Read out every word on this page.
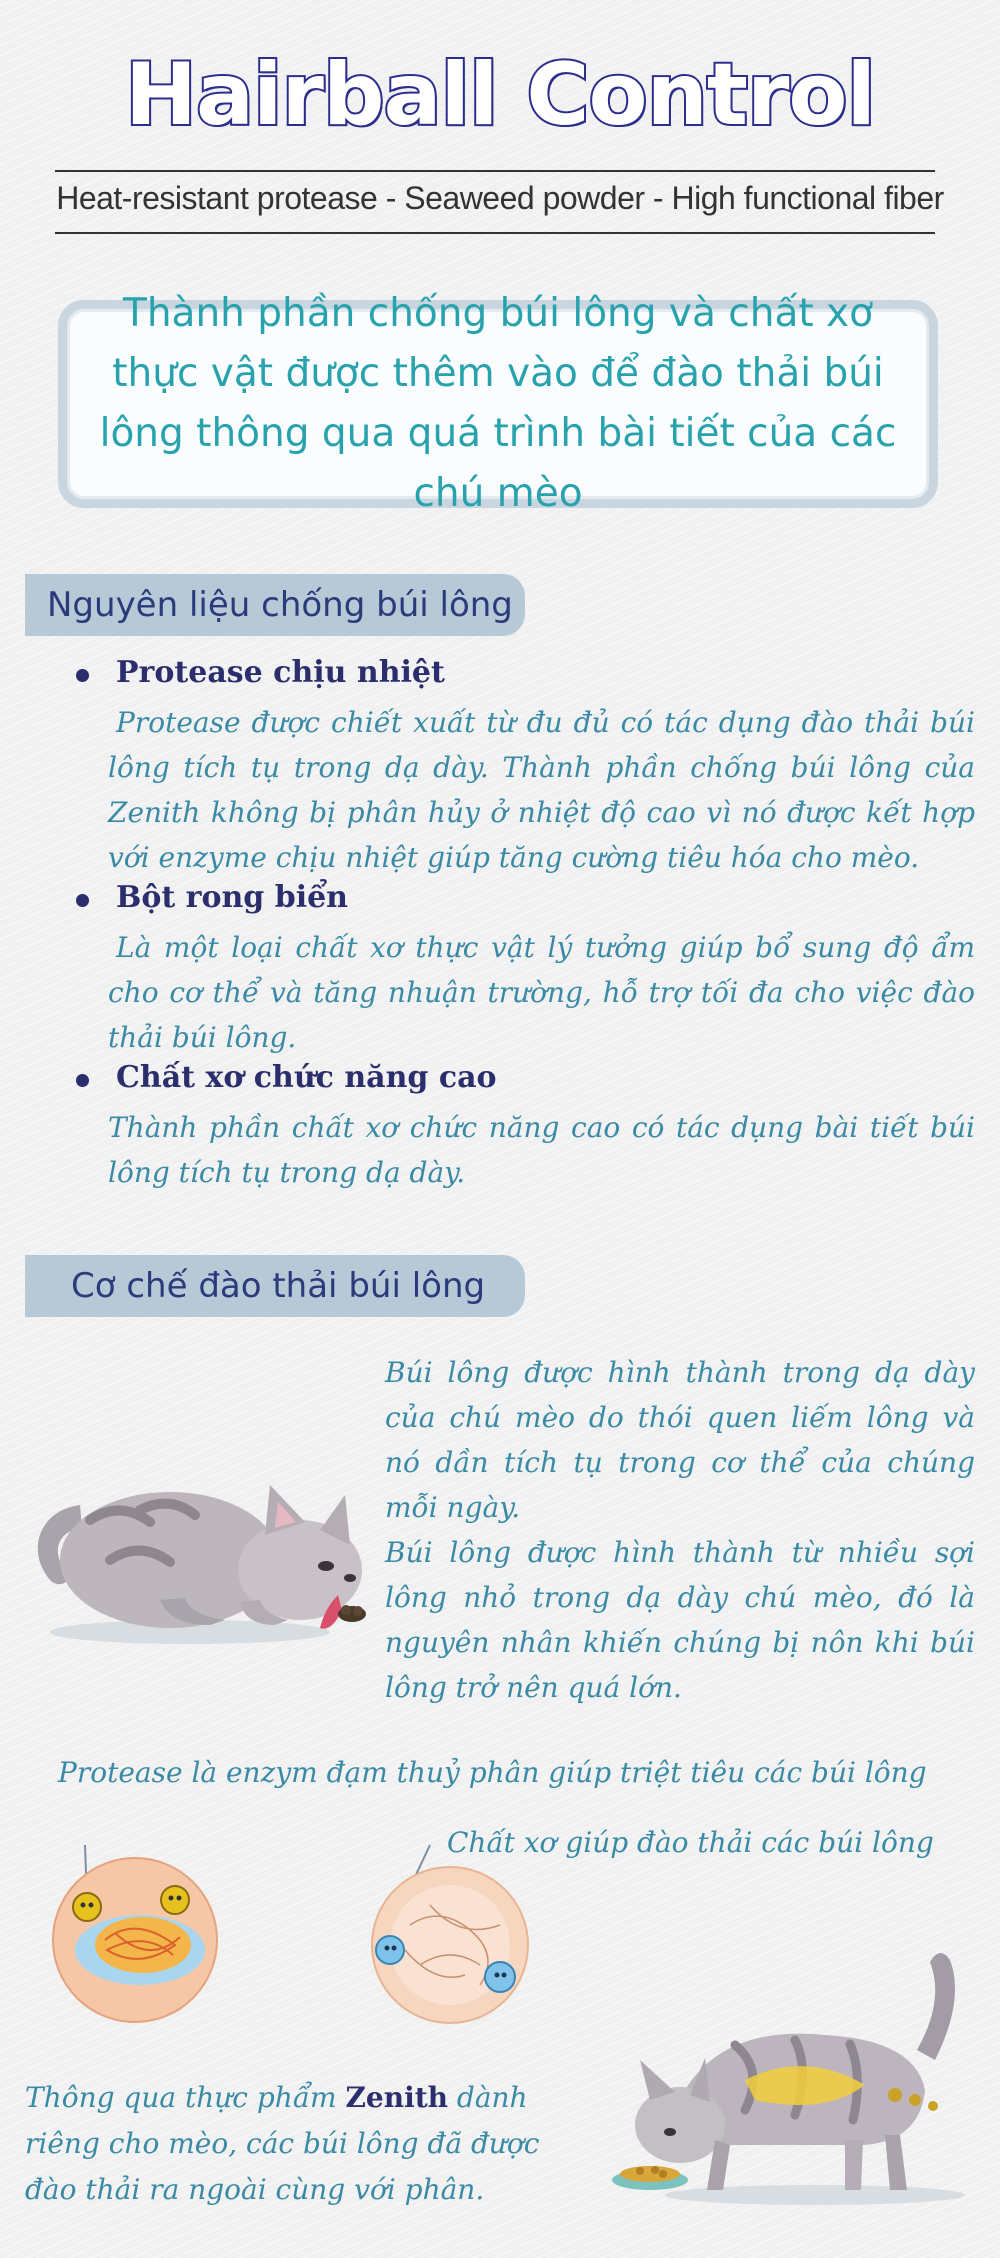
Hairball Control
Heat-resistant protease - Seaweed powder - High functional fiber
Thành phần chống búi lông và chất xơ thực vật được thêm vào để đào thải búi lông thông qua quá trình bài tiết của các chú mèo
Nguyên liệu chống búi lông
Protease chịu nhiệt
Protease được chiết xuất từ đu đủ có tác dụng đào thải búi lông tích tụ trong dạ dày. Thành phần chống búi lông của Zenith không bị phân hủy ở nhiệt độ cao vì nó được kết hợp với enzyme chịu nhiệt giúp tăng cường tiêu hóa cho mèo.
Bột rong biển
Là một loại chất xơ thực vật lý tưởng giúp bổ sung độ ẩm cho cơ thể và tăng nhuận trường, hỗ trợ tối đa cho việc đào thải búi lông.
Chất xơ chức năng cao
Thành phần chất xơ chức năng cao có tác dụng bài tiết búi lông tích tụ trong dạ dày.
Cơ chế đào thải búi lông
Búi lông được hình thành trong dạ dày của chú mèo do thói quen liếm lông và nó dần tích tụ trong cơ thể của chúng mỗi ngày.
Búi lông được hình thành từ nhiều sợi lông nhỏ trong dạ dày chú mèo, đó là nguyên nhân khiến chúng bị nôn khi búi lông trở nên quá lớn.
Protease là enzym đạm thuỷ phân giúp triệt tiêu các búi lông
Chất xơ giúp đào thải các búi lông
Thông qua thực phẩm Zenith dành riêng cho mèo, các búi lông đã được đào thải ra ngoài cùng với phân.
